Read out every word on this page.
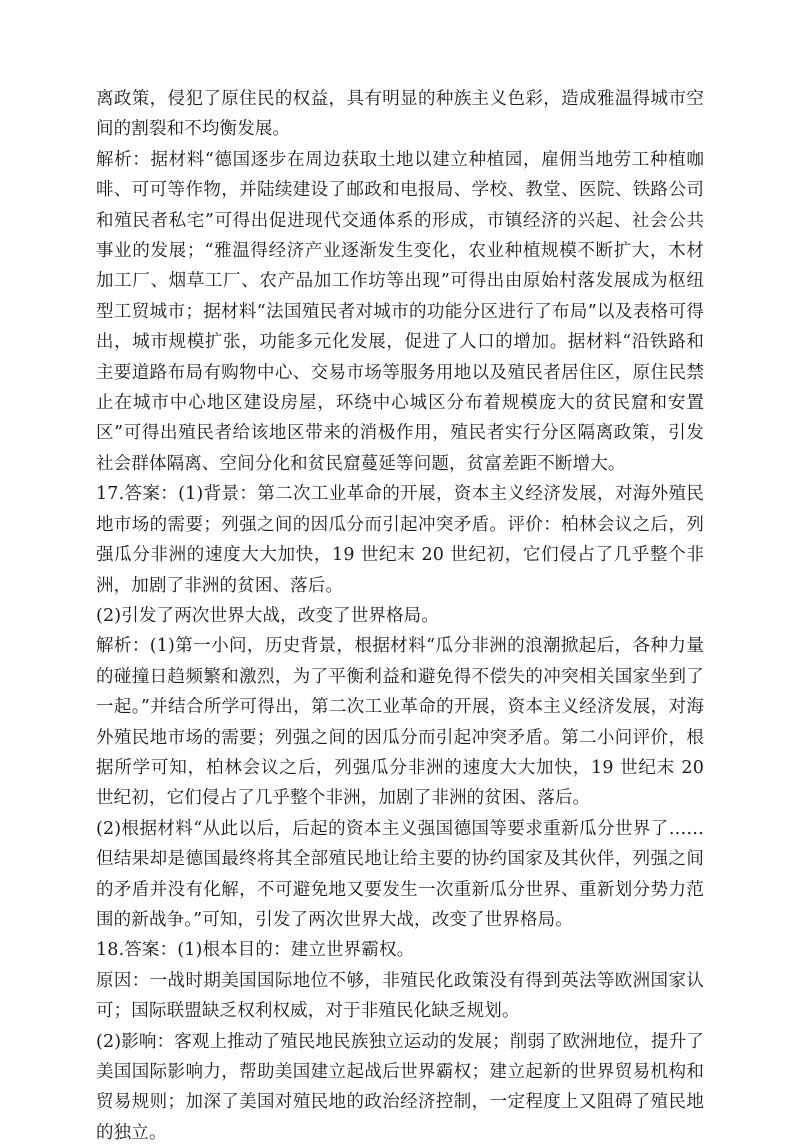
离政策，侵犯了原住民的权益，具有明显的种族主义色彩，造成雅温得城市空间的割裂和不均衡发展。

解析：据材料“德国逐步在周边获取土地以建立种植园，雇佣当地劳工种植咖啡、可可等作物，并陆续建设了邮政和电报局、学校、教堂、医院、铁路公司和殖民者私宅”可得出促进现代交通体系的形成，市镇经济的兴起、社会公共事业的发展；“雅温得经济产业逐渐发生变化，农业种植规模不断扩大，木材加工厂、烟草工厂、农产品加工作坊等出现”可得出由原始村落发展成为枢纽型工贸城市；据材料“法国殖民者对城市的功能分区进行了布局”以及表格可得出，城市规模扩张，功能多元化发展，促进了人口的增加。据材料“沿铁路和主要道路布局有购物中心、交易市场等服务用地以及殖民者居住区，原住民禁止在城市中心地区建设房屋，环绕中心城区分布着规模庞大的贫民窟和安置区”可得出殖民者给该地区带来的消极作用，殖民者实行分区隔离政策，引发社会群体隔离、空间分化和贫民窟蔓延等问题，贫富差距不断增大。

17.答案：(1)背景：第二次工业革命的开展，资本主义经济发展，对海外殖民地市场的需要；列强之间的因瓜分而引起冲突矛盾。评价：柏林会议之后，列强瓜分非洲的速度大大加快，19 世纪末 20 世纪初，它们侵占了几乎整个非洲，加剧了非洲的贫困、落后。

(2)引发了两次世界大战，改变了世界格局。

解析：(1)第一小问，历史背景，根据材料“瓜分非洲的浪潮掀起后，各种力量的碰撞日趋频繁和激烈，为了平衡利益和避免得不偿失的冲突相关国家坐到了一起。”并结合所学可得出，第二次工业革命的开展，资本主义经济发展，对海外殖民地市场的需要；列强之间的因瓜分而引起冲突矛盾。第二小问评价，根据所学可知，柏林会议之后，列强瓜分非洲的速度大大加快，19 世纪末 20 世纪初，它们侵占了几乎整个非洲，加剧了非洲的贫困、落后。

(2)根据材料“从此以后，后起的资本主义强国德国等要求重新瓜分世界了……但结果却是德国最终将其全部殖民地让给主要的协约国家及其伙伴，列强之间的矛盾并没有化解，不可避免地又要发生一次重新瓜分世界、重新划分势力范围的新战争。”可知，引发了两次世界大战，改变了世界格局。

18.答案：(1)根本目的：建立世界霸权。

原因：一战时期美国国际地位不够，非殖民化政策没有得到英法等欧洲国家认可；国际联盟缺乏权利权威，对于非殖民化缺乏规划。

(2)影响：客观上推动了殖民地民族独立运动的发展；削弱了欧洲地位，提升了美国国际影响力，帮助美国建立起战后世界霸权；建立起新的世界贸易机构和贸易规则；加深了美国对殖民地的政治经济控制，一定程度上又阻碍了殖民地的独立。
